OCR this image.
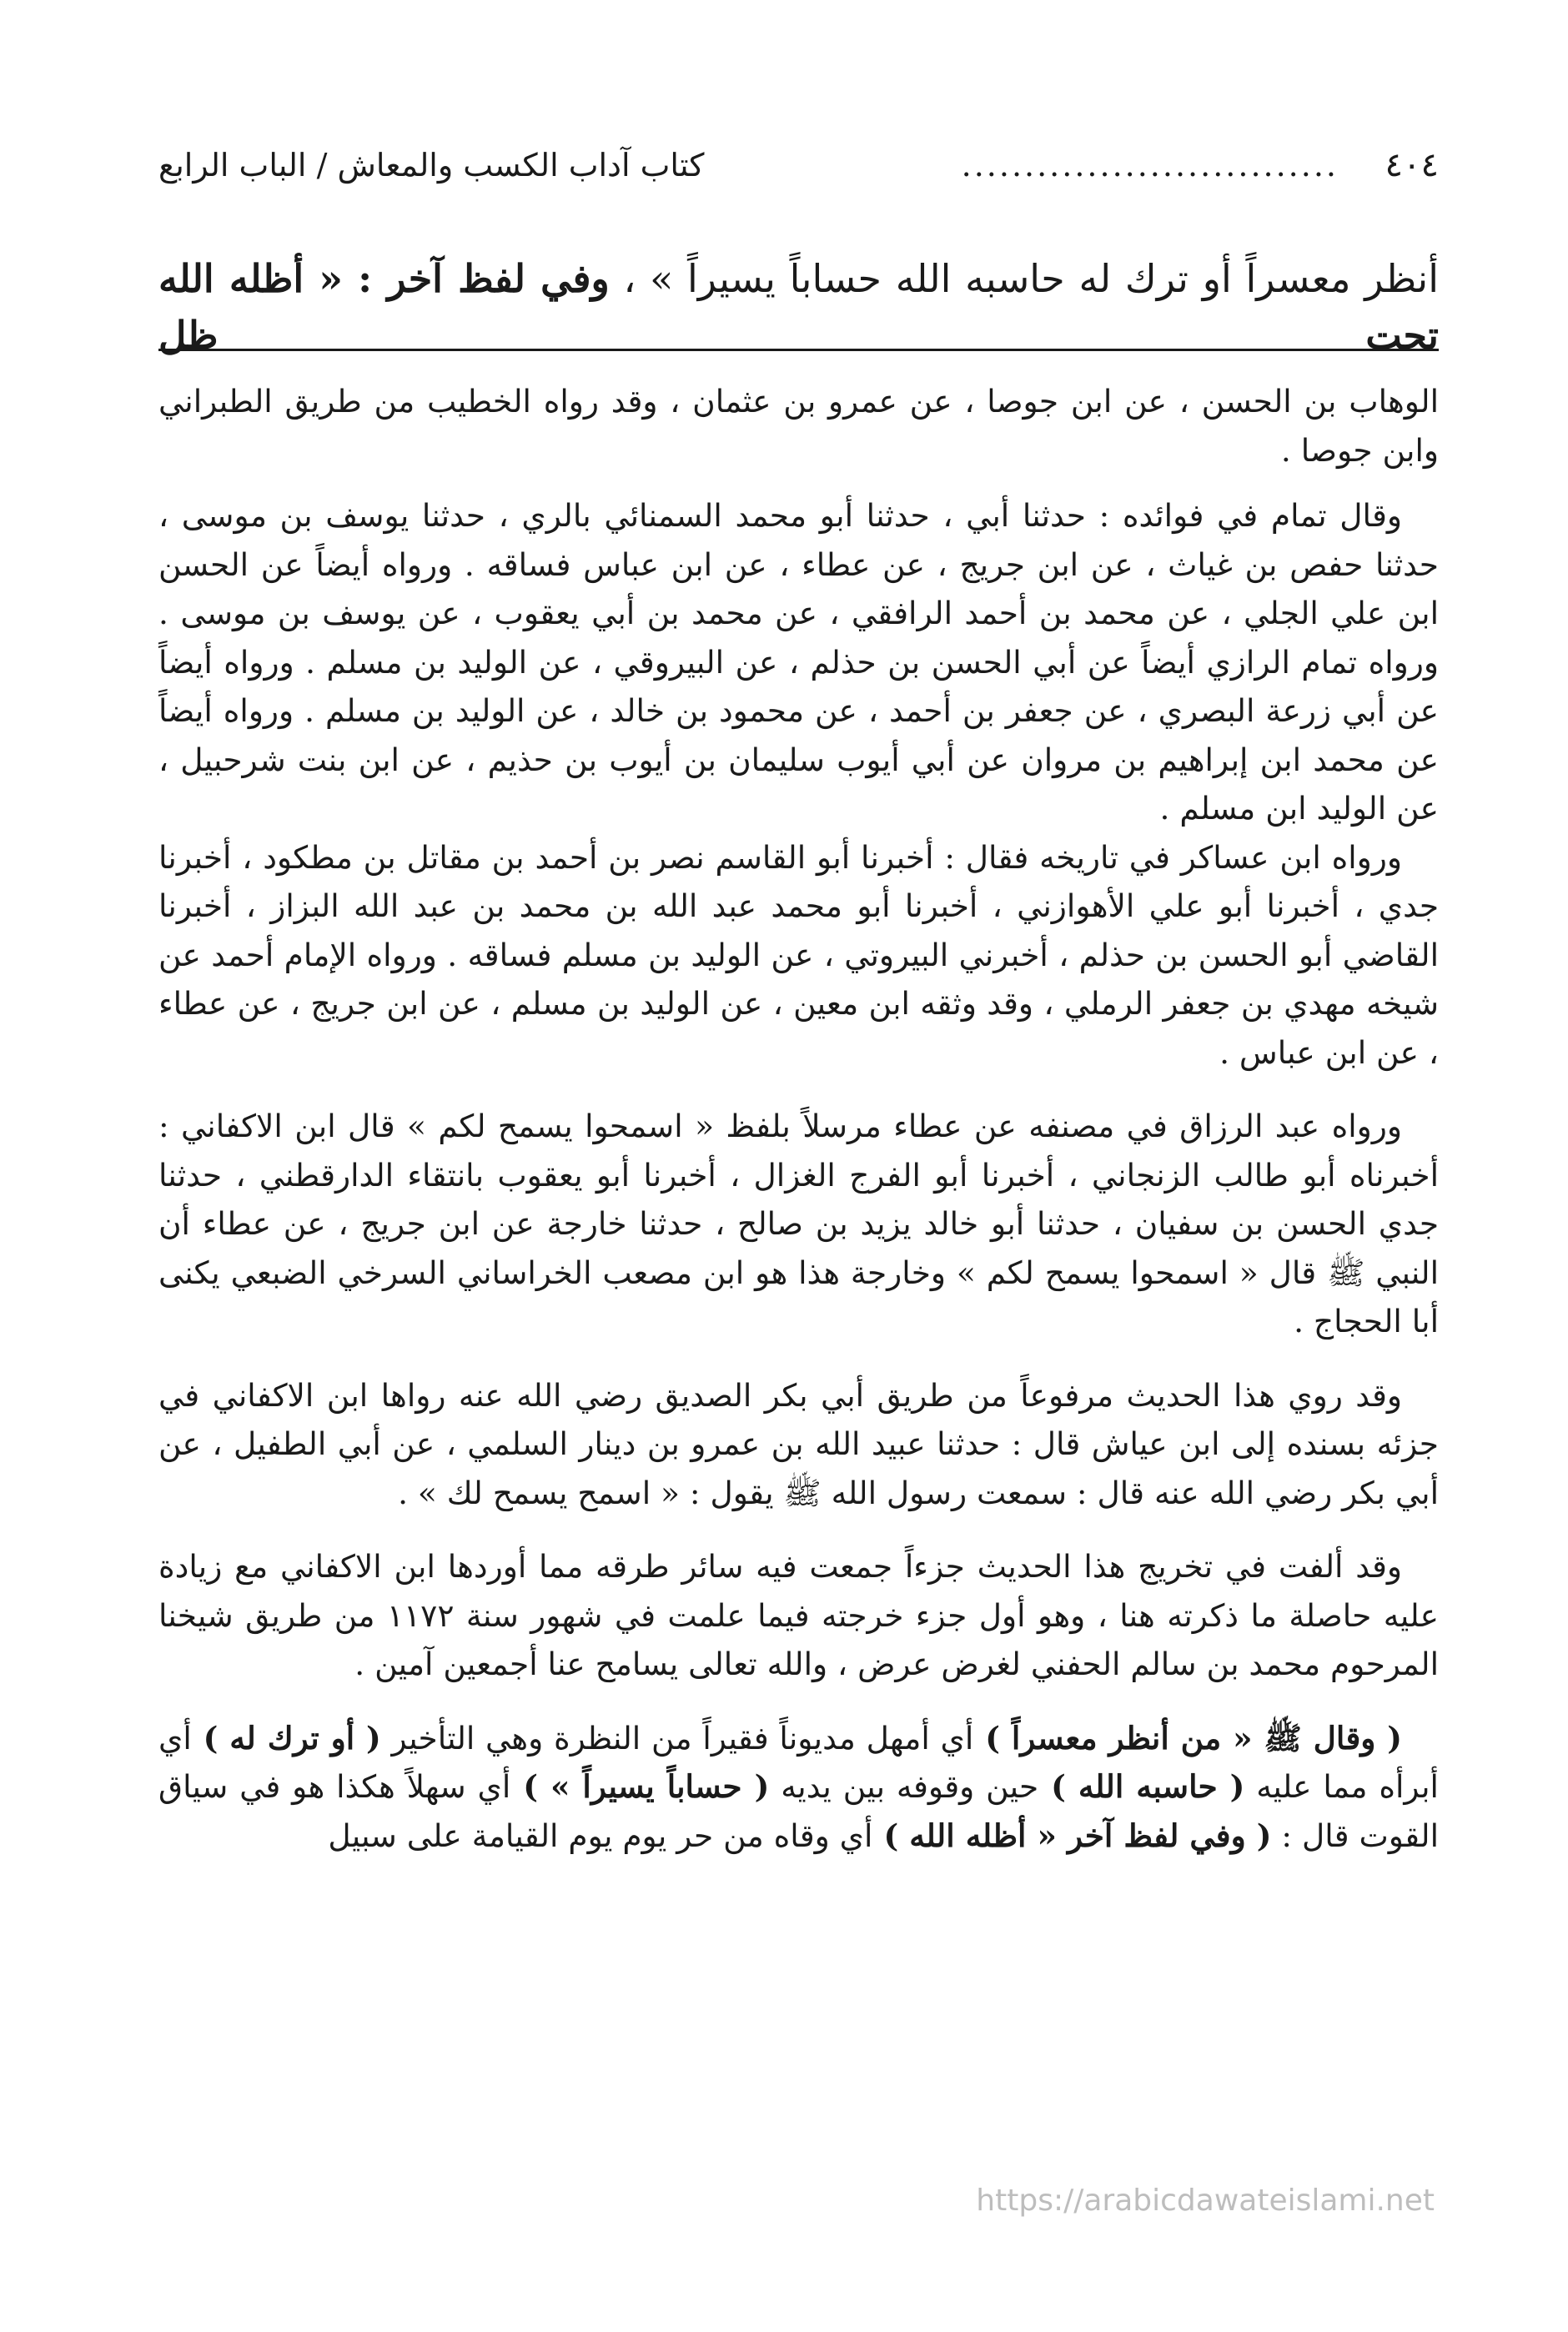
٤٠٤
..............................
كتاب آداب الكسب والمعاش / الباب الرابع
أنظر معسراً أو ترك له حاسبه الله حساباً يسيراً » ، وفي لفظ آخر : « أظله الله تحت ظل

الوهاب بن الحسن ، عن ابن جوصا ، عن عمرو بن عثمان ، وقد رواه الخطيب من طريق الطبراني وابن جوصا .

وقال تمام في فوائده : حدثنا أبي ، حدثنا أبو محمد السمنائي بالري ، حدثنا يوسف بن موسى ، حدثنا حفص بن غياث ، عن ابن جريج ، عن عطاء ، عن ابن عباس فساقه . ورواه أيضاً عن الحسن ابن علي الجلي ، عن محمد بن أحمد الرافقي ، عن محمد بن أبي يعقوب ، عن يوسف بن موسى . ورواه تمام الرازي أيضاً عن أبي الحسن بن حذلم ، عن البيروقي ، عن الوليد بن مسلم . ورواه أيضاً عن أبي زرعة البصري ، عن جعفر بن أحمد ، عن محمود بن خالد ، عن الوليد بن مسلم . ورواه أيضاً عن محمد ابن إبراهيم بن مروان عن أبي أيوب سليمان بن أيوب بن حذيم ، عن ابن بنت شرحبيل ، عن الوليد ابن مسلم .

ورواه ابن عساكر في تاريخه فقال : أخبرنا أبو القاسم نصر بن أحمد بن مقاتل بن مطكود ، أخبرنا جدي ، أخبرنا أبو علي الأهوازني ، أخبرنا أبو محمد عبد الله بن محمد بن عبد الله البزاز ، أخبرنا القاضي أبو الحسن بن حذلم ، أخبرني البيروتي ، عن الوليد بن مسلم فساقه . ورواه الإمام أحمد عن شيخه مهدي بن جعفر الرملي ، وقد وثقه ابن معين ، عن الوليد بن مسلم ، عن ابن جريج ، عن عطاء ، عن ابن عباس .

ورواه عبد الرزاق في مصنفه عن عطاء مرسلاً بلفظ « اسمحوا يسمح لكم » قال ابن الاكفاني : أخبرناه أبو طالب الزنجاني ، أخبرنا أبو الفرج الغزال ، أخبرنا أبو يعقوب بانتقاء الدارقطني ، حدثنا جدي الحسن بن سفيان ، حدثنا أبو خالد يزيد بن صالح ، حدثنا خارجة عن ابن جريج ، عن عطاء أن النبي ﷺ قال « اسمحوا يسمح لكم » وخارجة هذا هو ابن مصعب الخراساني السرخي الضبعي يكنى أبا الحجاج .

وقد روي هذا الحديث مرفوعاً من طريق أبي بكر الصديق رضي الله عنه رواها ابن الاكفاني في جزئه بسنده إلى ابن عياش قال : حدثنا عبيد الله بن عمرو بن دينار السلمي ، عن أبي الطفيل ، عن أبي بكر رضي الله عنه قال : سمعت رسول الله ﷺ يقول : « اسمح يسمح لك » .

وقد ألفت في تخريج هذا الحديث جزءاً جمعت فيه سائر طرقه مما أوردها ابن الاكفاني مع زيادة عليه حاصلة ما ذكرته هنا ، وهو أول جزء خرجته فيما علمت في شهور سنة ١١٧٢ من طريق شيخنا المرحوم محمد بن سالم الحفني لغرض عرض ، والله تعالى يسامح عنا أجمعين آمين .

( وقال ﷺ « من أنظر معسراً ) أي أمهل مديوناً فقيراً من النظرة وهي التأخير ( أو ترك له ) أي أبرأه مما عليه ( حاسبه الله ) حين وقوفه بين يديه ( حساباً يسيراً » ) أي سهلاً هكذا هو في سياق القوت قال : ( وفي لفظ آخر « أظله الله ) أي وقاه من حر يوم يوم القيامة على سبيل

https://arabicdawateislami.net
